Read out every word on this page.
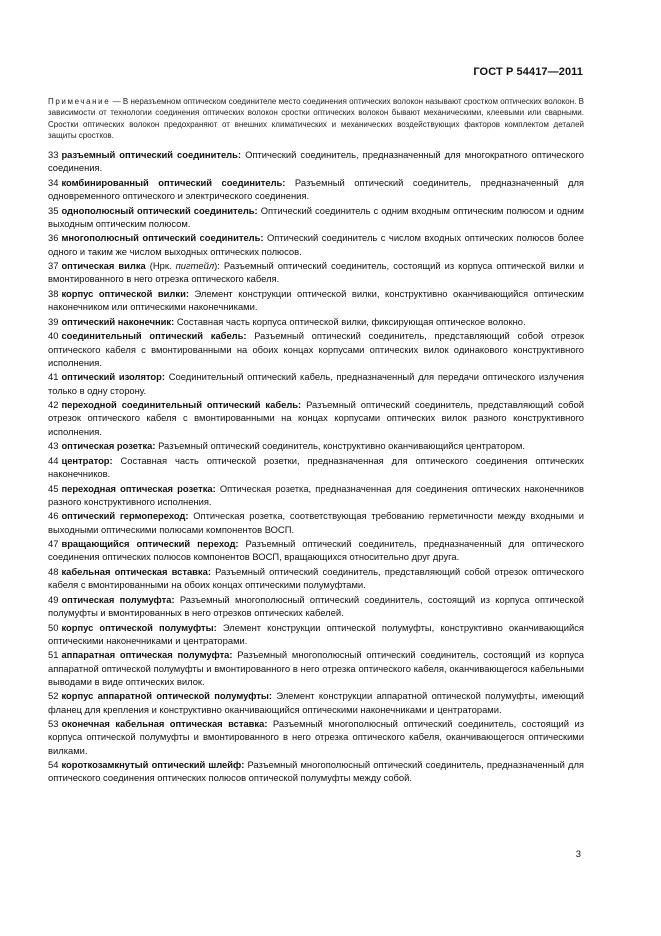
ГОСТ Р 54417—2011

Примечание — В неразъемном оптическом соединителе место соединения оптических волокон называют сростком оптических волокон. В зависимости от технологии соединения оптических волокон сростки оптических волокон бывают механическими, клеевыми или сварными. Сростки оптических волокон предохраняют от внешних климатических и механических воздействующих факторов комплектом деталей защиты сростков.

33 разъемный оптический соединитель: Оптический соединитель, предназначенный для многократного оптического соединения.

34 комбинированный оптический соединитель: Разъемный оптический соединитель, предназначенный для одновременного оптического и электрического соединения.

35 однополюсный оптический соединитель: Оптический соединитель с одним входным оптическим полюсом и одним выходным оптическим полюсом.

36 многополюсный оптический соединитель: Оптический соединитель с числом входных оптических полюсов более одного и таким же числом выходных оптических полюсов.

37 оптическая вилка (Нрк. пигтейл): Разъемный оптический соединитель, состоящий из корпуса оптической вилки и вмонтированного в него отрезка оптического кабеля.

38 корпус оптической вилки: Элемент конструкции оптической вилки, конструктивно оканчивающийся оптическим наконечником или оптическими наконечниками.

39 оптический наконечник: Составная часть корпуса оптической вилки, фиксирующая оптическое волокно.

40 соединительный оптический кабель: Разъемный оптический соединитель, представляющий собой отрезок оптического кабеля с вмонтированными на обоих концах корпусами оптических вилок одинакового конструктивного исполнения.

41 оптический изолятор: Соединительный оптический кабель, предназначенный для передачи оптического излучения только в одну сторону.

42 переходной соединительный оптический кабель: Разъемный оптический соединитель, представляющий собой отрезок оптического кабеля с вмонтированными на концах корпусами оптических вилок разного конструктивного исполнения.

43 оптическая розетка: Разъемный оптический соединитель, конструктивно оканчивающийся центратором.

44 центратор: Составная часть оптической розетки, предназначенная для оптического соединения оптических наконечников.

45 переходная оптическая розетка: Оптическая розетка, предназначенная для соединения оптических наконечников разного конструктивного исполнения.

46 оптический гермопереход: Оптическая розетка, соответствующая требованию герметичности между входными и выходными оптическими полюсами компонентов ВОСП.

47 вращающийся оптический переход: Разъемный оптический соединитель, предназначенный для оптического соединения оптических полюсов компонентов ВОСП, вращающихся относительно друг друга.

48 кабельная оптическая вставка: Разъемный оптический соединитель, представляющий собой отрезок оптического кабеля с вмонтированными на обоих концах оптическими полумуфтами.

49 оптическая полумуфта: Разъемный многополюсный оптический соединитель, состоящий из корпуса оптической полумуфты и вмонтированных в него отрезков оптических кабелей.

50 корпус оптической полумуфты: Элемент конструкции оптической полумуфты, конструктивно оканчивающийся оптическими наконечниками и центраторами.

51 аппаратная оптическая полумуфта: Разъемный многополюсный оптический соединитель, состоящий из корпуса аппаратной оптической полумуфты и вмонтированного в него отрезка оптического кабеля, оканчивающегося кабельными выводами в виде оптических вилок.

52 корпус аппаратной оптической полумуфты: Элемент конструкции аппаратной оптической полумуфты, имеющий фланец для крепления и конструктивно оканчивающийся оптическими наконечниками и центраторами.

53 оконечная кабельная оптическая вставка: Разъемный многополюсный оптический соединитель, состоящий из корпуса оптической полумуфты и вмонтированного в него отрезка оптического кабеля, оканчивающегося оптическими вилками.

54 короткозамкнутый оптический шлейф: Разъемный многополюсный оптический соединитель, предназначенный для оптического соединения оптических полюсов оптической полумуфты между собой.

3
